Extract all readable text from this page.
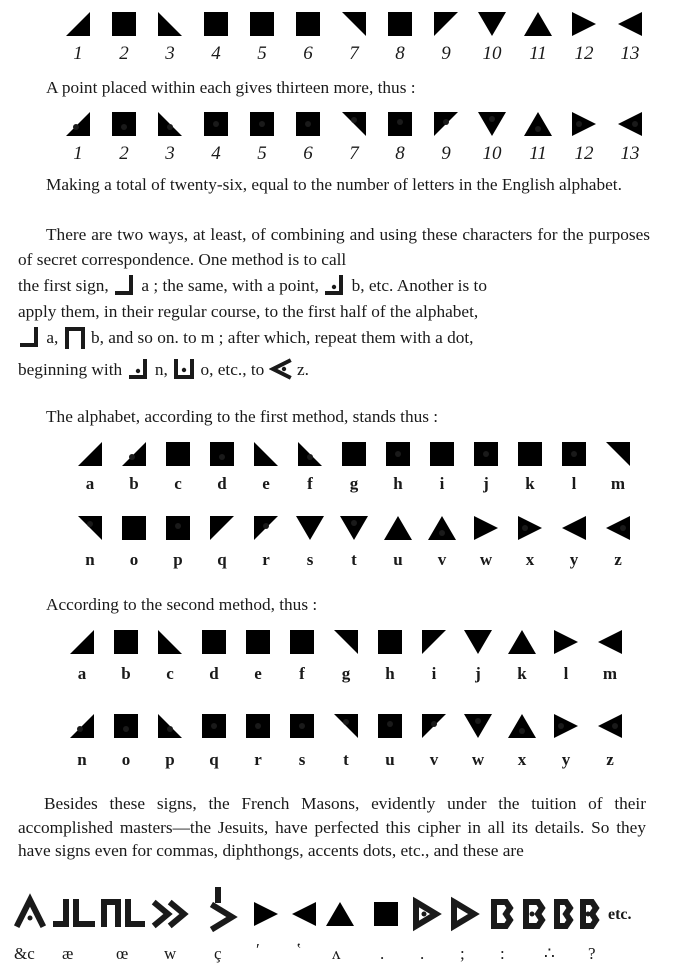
1	2	3	4	5	6	7	8	9	10	11	12	13
A point placed within each gives thirteen more, thus :
1	2	3	4	5	6	7	8	9	10	11	12	13
Making a total of twenty-six, equal to the number of letters in the English alphabet.
There are two ways, at least, of combining and using these characters for the purposes of secret correspondence. One method is to call
the first sign, a ; the same, with a point, b, etc. Another is to
apply them, in their regular course, to the first half of the alphabet,
a, b, and so on. to m ; after which, repeat them with a dot,
beginning with n, o, etc., to z.
The alphabet, according to the first method, stands thus :
a	b	c	d	e	f	g	h	i	j	k	l	m
n	o	p	q	r	s	t	u	v	w	x	y	z
According to the second method, thus :
a	b	c	d	e	f	g	h	i	j	k	l	m
n	o	p	q	r	s	t	u	v	w	x	y	z
Besides these signs, the French Masons, evidently under the tuition of their accomplished masters—the Jesuits, have perfected this cipher in all its details. So they have signs even for commas, diphthongs, accents dots, etc., and these are
etc.
&c æ	œ w ç ʹ ʽ ʌ . . ; : ∴ ?
